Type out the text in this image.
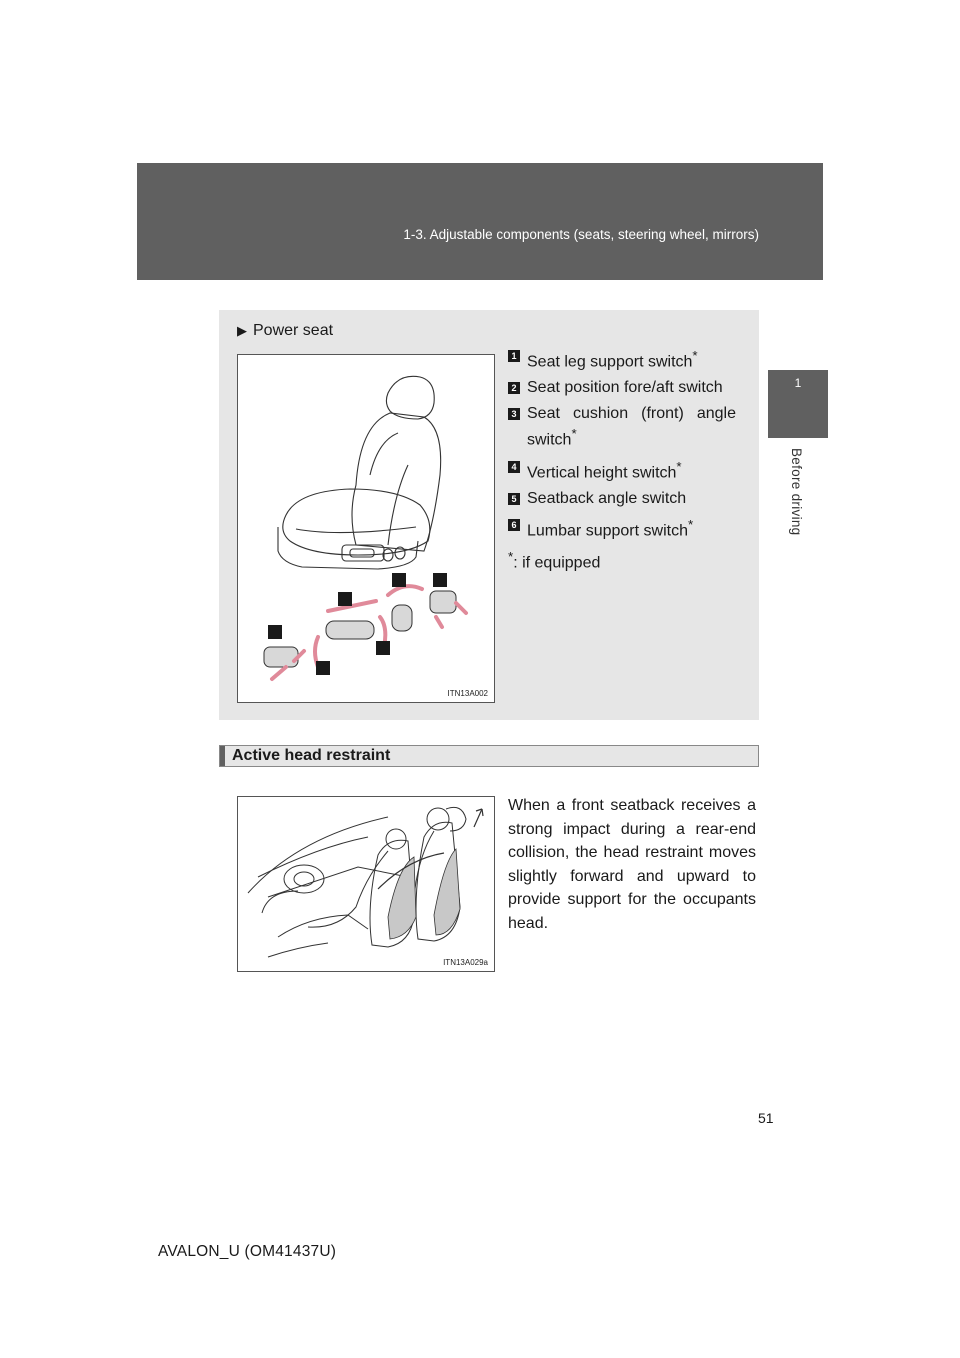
1-3. Adjustable components (seats, steering wheel, mirrors)
1
Before driving
▶ Power seat
ITN13A002
1 Seat leg support switch*
2 Seat position fore/aft switch
3 Seat cushion (front) angle
switch*
4 Vertical height switch*
5 Seatback angle switch
6 Lumbar support switch*
*: if equipped
Active head restraint
ITN13A029a
When a front seatback receives a strong impact during a rear-end collision, the head restraint moves slightly forward and upward to provide support for the occupants head.
51
AVALON_U (OM41437U)
